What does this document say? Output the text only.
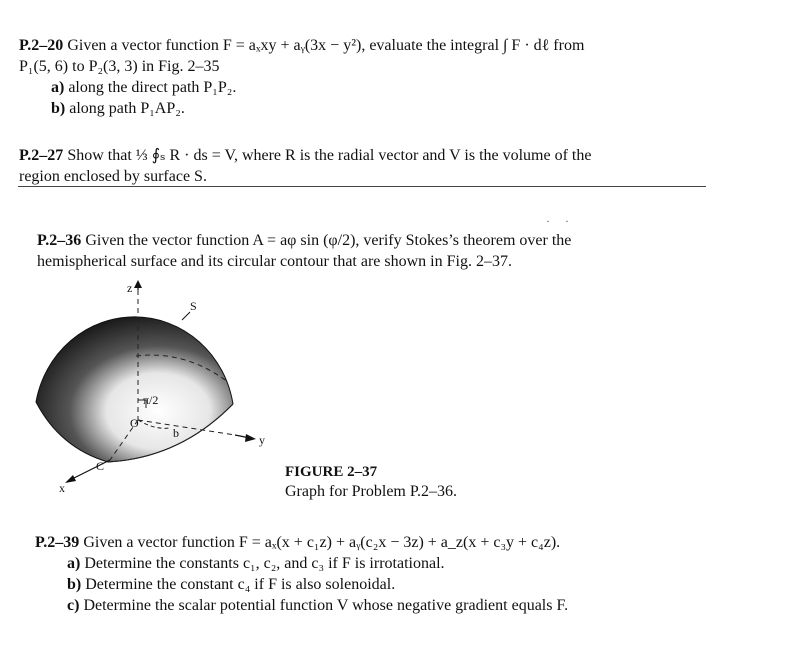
P.2–20 Given a vector function F = aₓxy + aᵧ(3x − y²), evaluate the integral ∫ F · dℓ from
P₁(5, 6) to P₂(3, 3) in Fig. 2–35
a) along the direct path P₁P₂.
b) along path P₁AP₂.
P.2–27 Show that ⅓ ∮ₛ R · ds = V, where R is the radial vector and V is the volume of the
region enclosed by surface S.
· ·
P.2–36 Given the vector function A = aφ sin (φ/2), verify Stokes’s theorem over the
hemispherical surface and its circular contour that are shown in Fig. 2–37.
z
S
π/2
O
b	y
C
x
FIGURE 2–37
Graph for Problem P.2–36.
P.2–39 Given a vector function F = aₓ(x + c₁z) + aᵧ(c₂x − 3z) + a_z(x + c₃y + c₄z).
a) Determine the constants c₁, c₂, and c₃ if F is irrotational.
b) Determine the constant c₄ if F is also solenoidal.
c) Determine the scalar potential function V whose negative gradient equals F.
